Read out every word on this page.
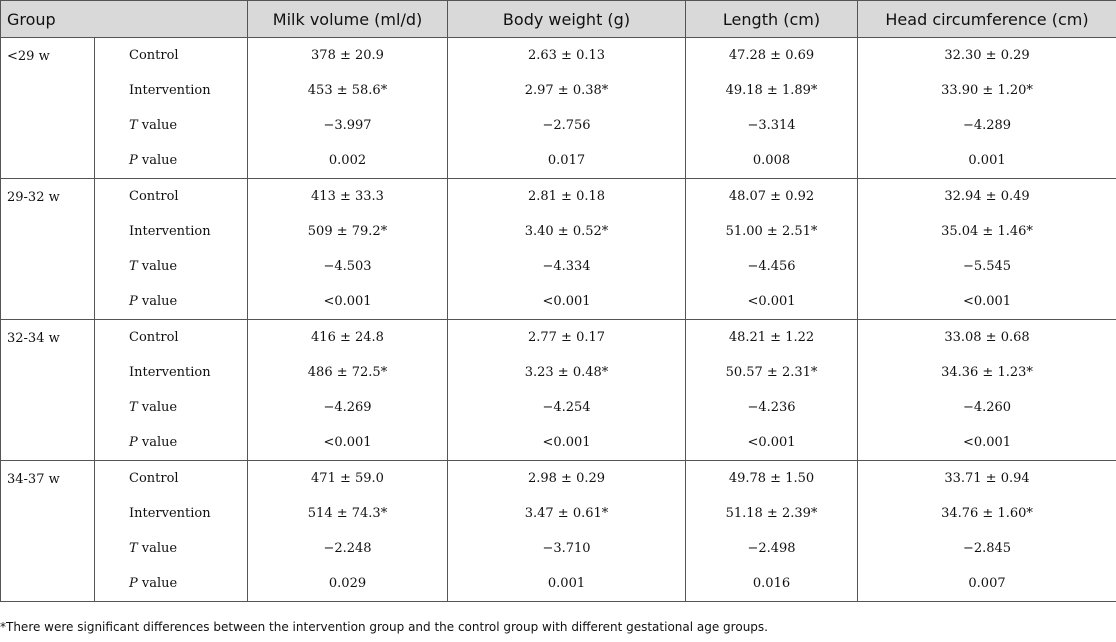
Group		Milk volume (ml/d)	Body weight (g)	Length (cm)	Head circumference (cm)
<29 w	Control	378 ± 20.9	2.63 ± 0.13	47.28 ± 0.69	32.30 ± 0.29
	Intervention	453 ± 58.6*	2.97 ± 0.38*	49.18 ± 1.89*	33.90 ± 1.20*
	T value	−3.997	−2.756	−3.314	−4.289
	P value	0.002	0.017	0.008	0.001
29-32 w	Control	413 ± 33.3	2.81 ± 0.18	48.07 ± 0.92	32.94 ± 0.49
	Intervention	509 ± 79.2*	3.40 ± 0.52*	51.00 ± 2.51*	35.04 ± 1.46*
	T value	−4.503	−4.334	−4.456	−5.545
	P value	<0.001	<0.001	<0.001	<0.001
32-34 w	Control	416 ± 24.8	2.77 ± 0.17	48.21 ± 1.22	33.08 ± 0.68
	Intervention	486 ± 72.5*	3.23 ± 0.48*	50.57 ± 2.31*	34.36 ± 1.23*
	T value	−4.269	−4.254	−4.236	−4.260
	P value	<0.001	<0.001	<0.001	<0.001
34-37 w	Control	471 ± 59.0	2.98 ± 0.29	49.78 ± 1.50	33.71 ± 0.94
	Intervention	514 ± 74.3*	3.47 ± 0.61*	51.18 ± 2.39*	34.76 ± 1.60*
	T value	−2.248	−3.710	−2.498	−2.845
	P value	0.029	0.001	0.016	0.007
*There were significant differences between the intervention group and the control group with different gestational age groups.
